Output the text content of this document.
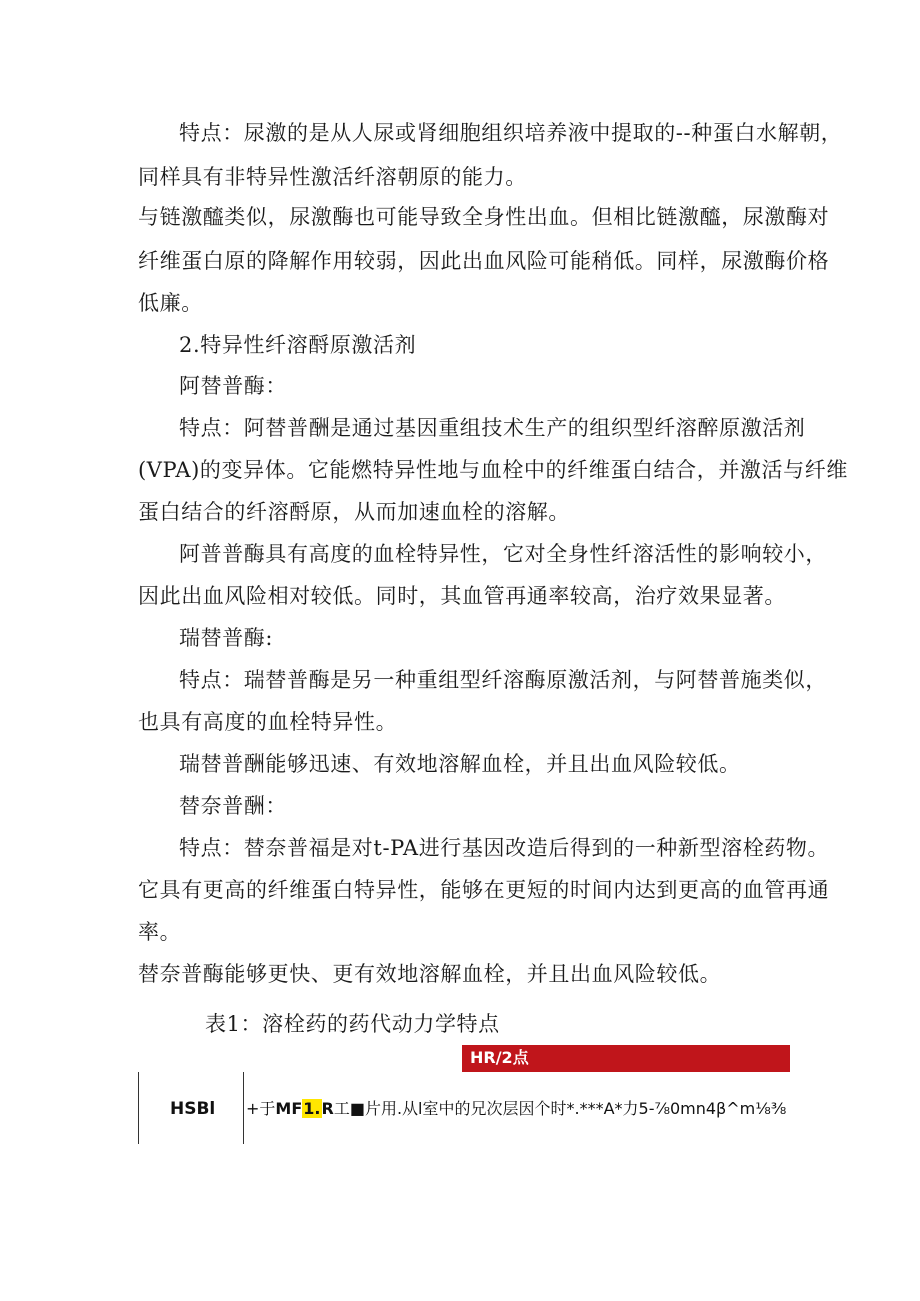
特点：尿激的是从人尿或肾细胞组织培养液中提取的--种蛋白水解朝，
同样具有非特异性激活纤溶朝原的能力。
与链激醯类似，尿激酶也可能导致全身性出血。但相比链激醯，尿激酶对
纤维蛋白原的降解作用较弱，因此出血风险可能稍低。同样，尿激酶价格
低廉。
2.特异性纤溶酹原激活剂
阿替普酶：
特点：阿替普酬是通过基因重组技术生产的组织型纤溶醉原激活剂
(VPA)的变异体。它能燃特异性地与血栓中的纤维蛋白结合，并激活与纤维
蛋白结合的纤溶酹原，从而加速血栓的溶解。
阿普普酶具有高度的血栓特异性，它对全身性纤溶活性的影响较小，
因此出血风险相对较低。同时，其血管再通率较高，治疗效果显著。
瑞替普酶:
特点：瑞替普酶是另一种重组型纤溶酶原激活剂，与阿替普施类似，
也具有高度的血栓特异性。
瑞替普酬能够迅速、有效地溶解血栓，并且出血风险较低。
替奈普酬：
特点：替奈普福是对t-PA进行基因改造后得到的一种新型溶栓药物。
它具有更高的纤维蛋白特异性，能够在更短的时间内达到更高的血管再通
率。
替奈普酶能够更快、更有效地溶解血栓，并且出血风险较低。
表1：溶栓药的药代动力学特点
HR/2点
HSBl +于MF1.R工■片用.从l室中的兄次层因个时*.***A*力5-⅞0mn4β^m⅛⅜
